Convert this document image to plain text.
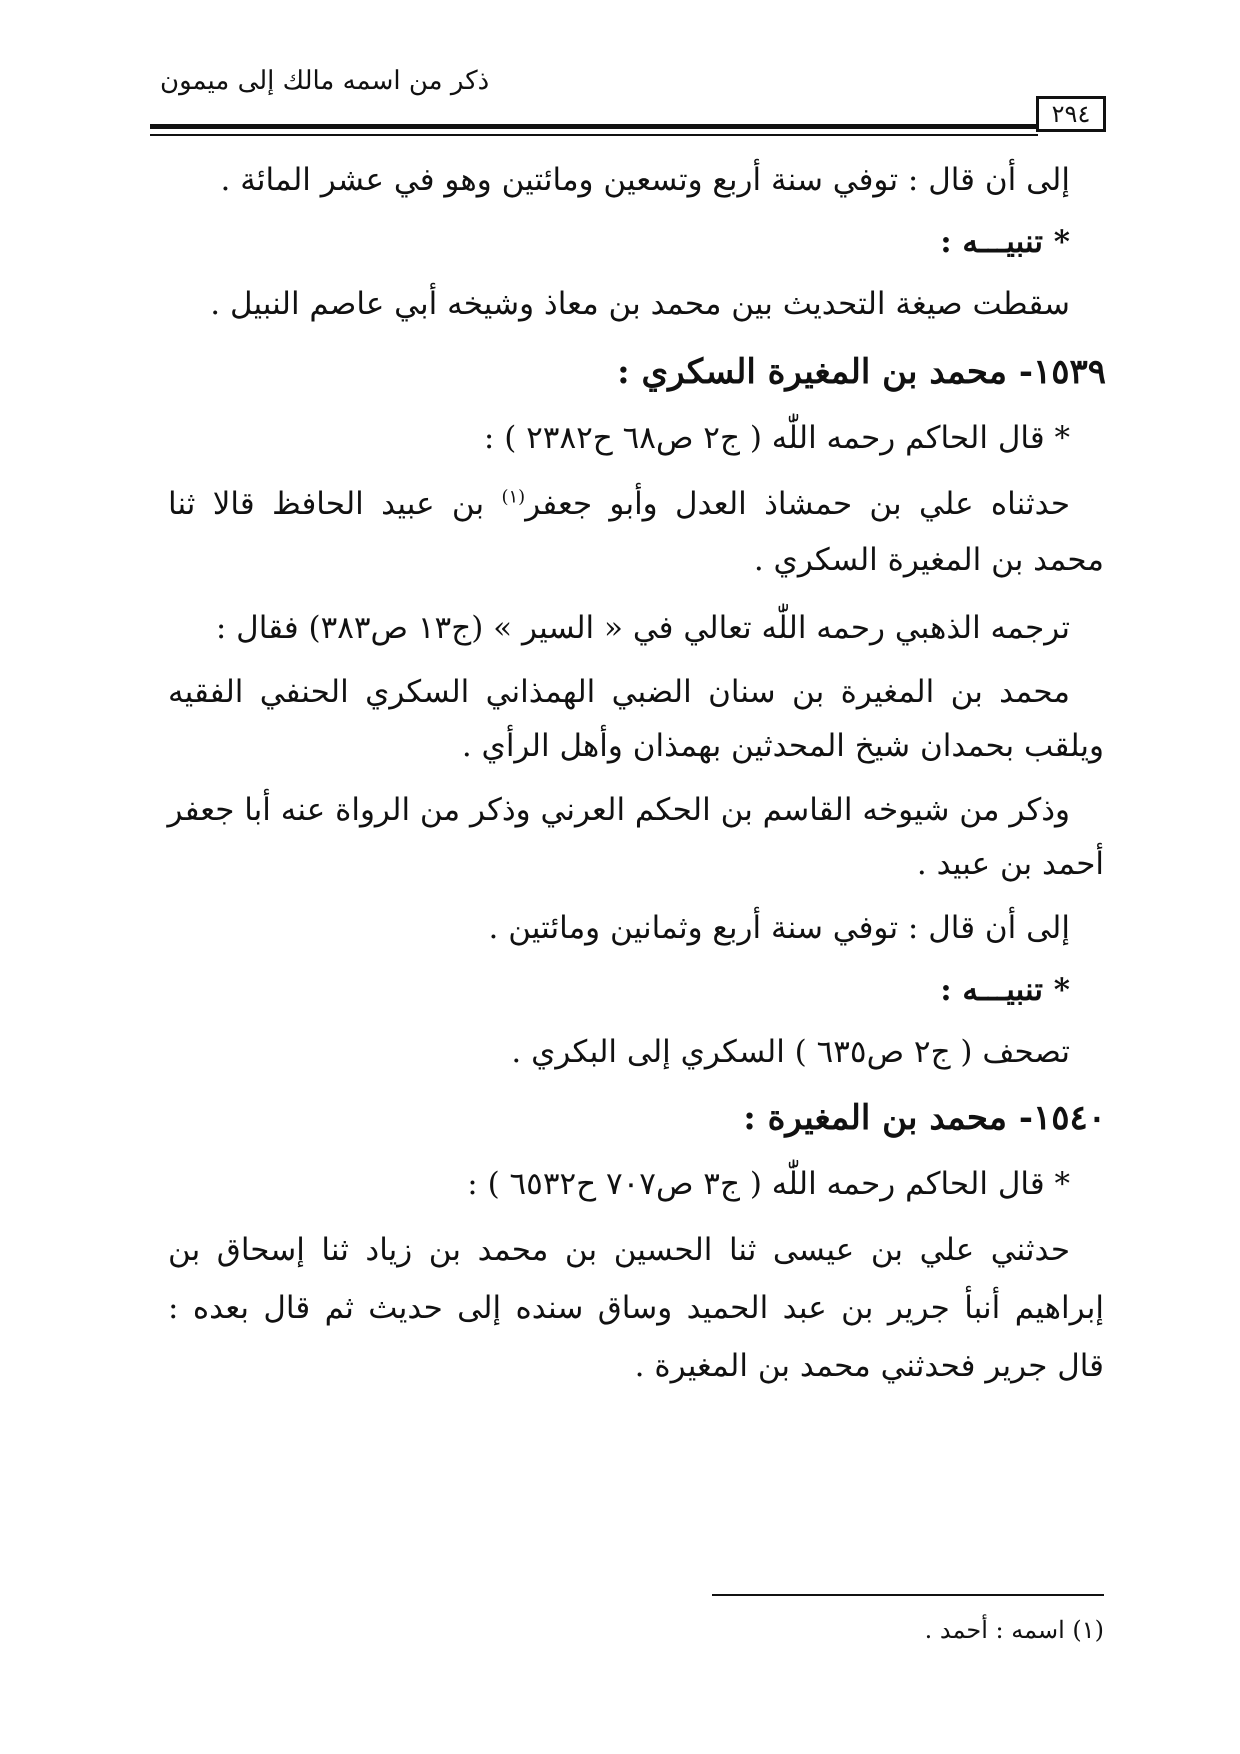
ذكر من اسمه مالك إلى ميمون
٢٩٤
إلى أن قال : توفي سنة أربع وتسعين ومائتين وهو في عشر المائة .
* تنبيـــه :
سقطت صيغة التحديث بين محمد بن معاذ وشيخه أبي عاصم النبيل .
١٥٣٩- محمد بن المغيرة السكري :
* قال الحاكم رحمه اللّٰه ( ج٢ ص٦٨ ح٢٣٨٢ ) :
حدثناه علي بن حمشاذ العدل وأبو جعفر$^{(١)}$ بن عبيد الحافظ قالا ثنا
محمد بن المغيرة السكري .
ترجمه الذهبي رحمه اللّٰه تعالي في « السير » (ج١٣ ص٣٨٣) فقال :
محمد بن المغيرة بن سنان الضبي الهمذاني السكري الحنفي الفقيه
ويلقب بحمدان شيخ المحدثين بهمذان وأهل الرأي .
وذكر من شيوخه القاسم بن الحكم العرني وذكر من الرواة عنه أبا جعفر
أحمد بن عبيد .
إلى أن قال : توفي سنة أربع وثمانين ومائتين .
* تنبيـــه :
تصحف ( ج٢ ص٦٣٥ ) السكري إلى البكري .
١٥٤٠- محمد بن المغيرة :
* قال الحاكم رحمه اللّٰه ( ج٣ ص٧٠٧ ح٦٥٣٢ ) :
حدثني علي بن عيسى ثنا الحسين بن محمد بن زياد ثنا إسحاق بن
إبراهيم أنبأ جرير بن عبد الحميد وساق سنده إلى حديث ثم قال بعده :
قال جرير فحدثني محمد بن المغيرة .
(١) اسمه : أحمد .
